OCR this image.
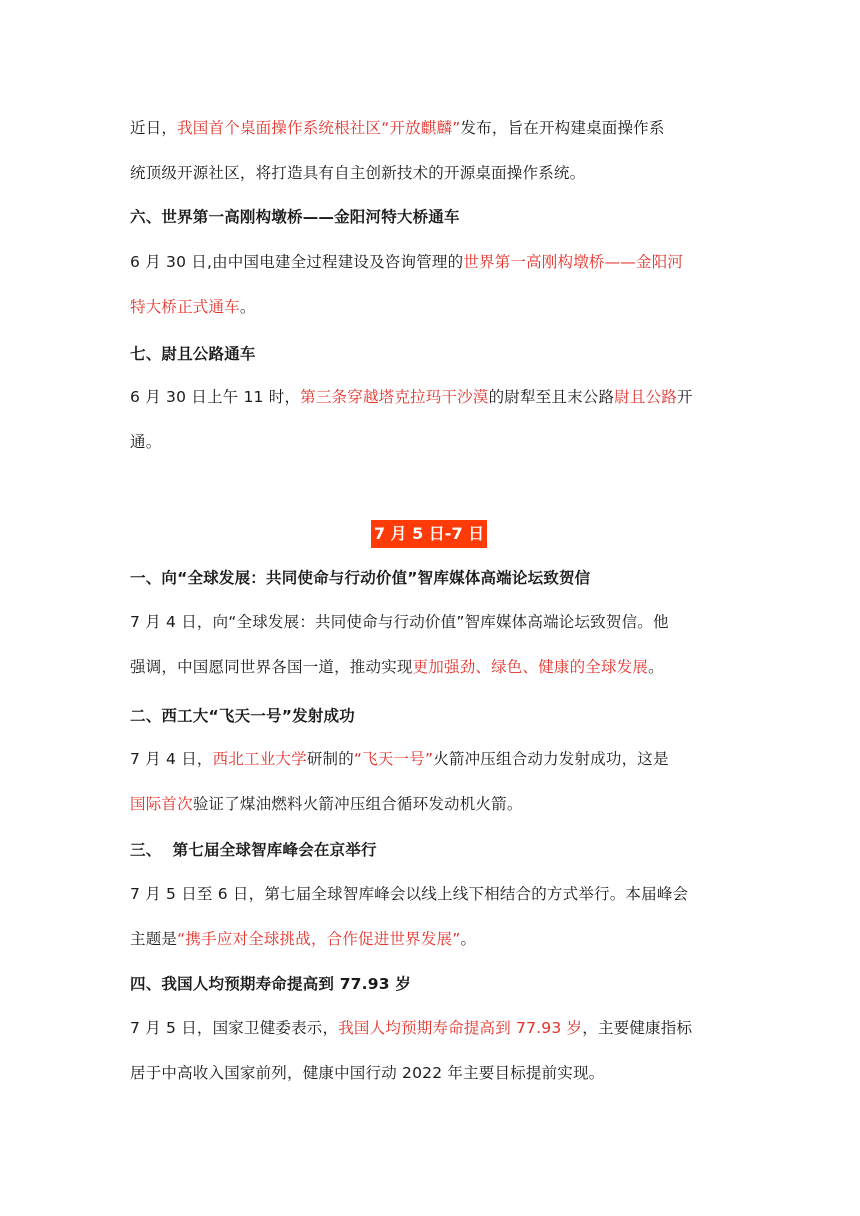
近日，我国首个桌面操作系统根社区“开放麒麟”发布，旨在开构建桌面操作系

统顶级开源社区，将打造具有自主创新技术的开源桌面操作系统。

六、世界第一高刚构墩桥——金阳河特大桥通车

6 月 30 日,由中国电建全过程建设及咨询管理的世界第一高刚构墩桥——金阳河

特大桥正式通车。

七、尉且公路通车

6 月 30 日上午 11 时，第三条穿越塔克拉玛干沙漠的尉犁至且末公路尉且公路开

通。

7 月 5 日-7 日

一、向“全球发展：共同使命与行动价值”智库媒体高端论坛致贺信

7 月 4 日，向“全球发展：共同使命与行动价值”智库媒体高端论坛致贺信。他

强调，中国愿同世界各国一道，推动实现更加强劲、绿色、健康的全球发展。

二、西工大“飞天一号”发射成功

7 月 4 日，西北工业大学研制的“飞天一号”火箭冲压组合动力发射成功，这是

国际首次验证了煤油燃料火箭冲压组合循环发动机火箭。

三、  第七届全球智库峰会在京举行

7 月 5 日至 6 日，第七届全球智库峰会以线上线下相结合的方式举行。本届峰会

主题是“携手应对全球挑战，合作促进世界发展”。

四、我国人均预期寿命提高到 77.93 岁

7 月 5 日，国家卫健委表示，我国人均预期寿命提高到 77.93 岁，主要健康指标

居于中高收入国家前列，健康中国行动 2022 年主要目标提前实现。
